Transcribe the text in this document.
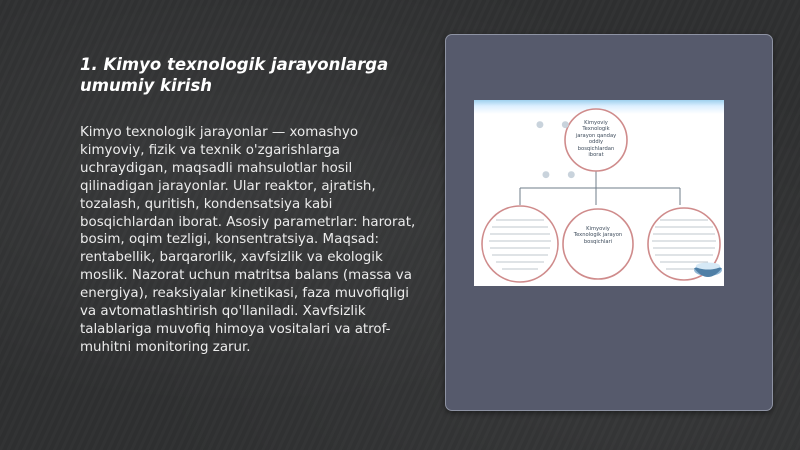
1. Kimyo texnologik jarayonlarga umumiy kirish

Kimyo texnologik jarayonlar — xomashyo kimyoviy, fizik va texnik o'zgarishlarga uchraydigan, maqsadli mahsulotlar hosil qilinadigan jarayonlar. Ular reaktor, ajratish, tozalash, quritish, kondensatsiya kabi bosqichlardan iborat. Asosiy parametrlar: harorat, bosim, oqim tezligi, konsentratsiya. Maqsad: rentabellik, barqarorlik, xavfsizlik va ekologik moslik. Nazorat uchun matritsa balans (massa va energiya), reaksiyalar kinetikasi, faza muvofiqligi va avtomatlashtirish qo'llaniladi. Xavfsizlik talablariga muvofiq himoya vositalari va atrof-muhitni monitoring zarur.

●    ●
●    ●

Kimyoviy Texnologik jarayon qanday oddiy bosqichlardan iborat

Kimyoviy Texnologik jarayon bosqichlari
